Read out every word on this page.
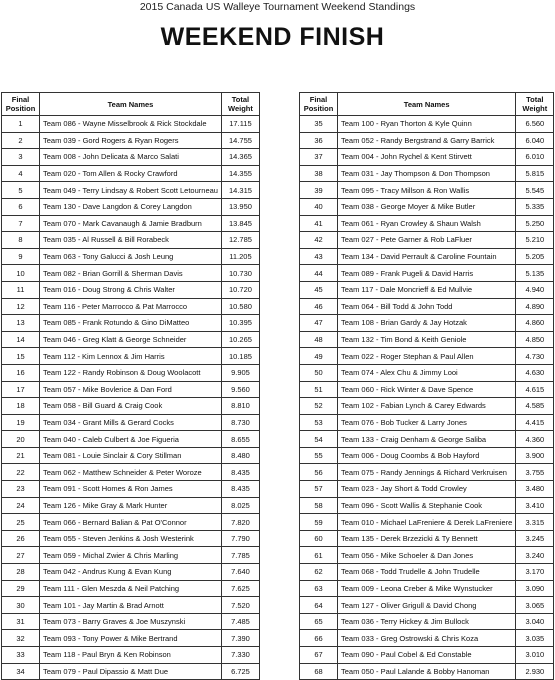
2015 Canada US Walleye Tournament Weekend Standings
WEEKEND FINISH
Final
Position	Team Names	Total
Weight
1	Team 086 - Wayne Misselbrook & Rick Stockdale	17.115
2	Team 039 - Gord Rogers & Ryan Rogers	14.755
3	Team 008 - John Delicata & Marco Salati	14.365
4	Team 020 - Tom Allen & Rocky Crawford	14.355
5	Team 049 - Terry Lindsay & Robert Scott Letourneau	14.315
6	Team 130 - Dave Langdon & Corey Langdon	13.950
7	Team 070 - Mark Cavanaugh & Jamie Bradburn	13.845
8	Team 035 - Al Russell & Bill Rorabeck	12.785
9	Team 063 - Tony Galucci & Josh Leung	11.205
10	Team 082 - Brian Gorrill & Sherman Davis	10.730
11	Team 016 - Doug Strong & Chris Walter	10.720
12	Team 116 - Peter Marrocco & Pat Marrocco	10.580
13	Team 085 - Frank Rotundo & Gino DiMatteo	10.395
14	Team 046 - Greg Klatt & George Schneider	10.265
15	Team 112 - Kim Lennox & Jim Harris	10.185
16	Team 122 - Randy Robinson & Doug Woolacott	9.905
17	Team 057 - Mike Bovlerice & Dan Ford	9.560
18	Team 058 - Bill Guard & Craig Cook	8.810
19	Team 034 - Grant Mills & Gerard Cocks	8.730
20	Team 040 - Caleb Culbert & Joe Figueria	8.655
21	Team 081 - Louie Sinclair & Cory Stillman	8.480
22	Team 062 - Matthew Schneider & Peter Woroze	8.435
23	Team 091 - Scott Homes & Ron James	8.435
24	Team 126 - Mike Gray & Mark Hunter	8.025
25	Team 066 - Bernard Balian & Pat O'Connor	7.820
26	Team 055 - Steven Jenkins & Josh Westerink	7.790
27	Team 059 - Michal Zwier & Chris Marling	7.785
28	Team 042 - Andrus Kung & Evan Kung	7.640
29	Team 111 - Glen Meszda & Neil Patching	7.625
30	Team 101 - Jay Martin & Brad Arnott	7.520
31	Team 073 - Barry Graves & Joe Muszynski	7.485
32	Team 093 - Tony Power & Mike Bertrand	7.390
33	Team 118 - Paul Bryn & Ken Robinson	7.330
34	Team 079 - Paul Dipassio & Matt Due	6.725
Final
Position	Team Names	Total
Weight
35	Team 100 - Ryan Thorton & Kyle Quinn	6.560
36	Team 052 - Randy Bergstrand & Garry Barrick	6.040
37	Team 004 - John Rychel & Kent Stirvett	6.010
38	Team 031 - Jay Thompson & Don Thompson	5.815
39	Team 095 - Tracy Millson & Ron Wallis	5.545
40	Team 038 - George Moyer & Mike Butler	5.335
41	Team 061 - Ryan Crowley & Shaun Walsh	5.250
42	Team 027 - Pete Garner & Rob LaFluer	5.210
43	Team 134 - David Perrault & Caroline Fountain	5.205
44	Team 089 - Frank Pugeli & David Harris	5.135
45	Team 117 - Dale Moncrieff & Ed Mullvie	4.940
46	Team 064 - Bill Todd & John Todd	4.890
47	Team 108 - Brian Gardy & Jay Hotzak	4.860
48	Team 132 - Tim Bond & Keith Geniole	4.850
49	Team 022 - Roger Stephan & Paul Allen	4.730
50	Team 074 - Alex Chu & Jimmy Looi	4.630
51	Team 060 - Rick Winter & Dave Spence	4.615
52	Team 102 - Fabian Lynch & Carey Edwards	4.585
53	Team 076 - Bob Tucker & Larry Jones	4.415
54	Team 133 - Craig Denham & George Saliba	4.360
55	Team 006 - Doug Coombs & Bob Hayford	3.900
56	Team 075 - Randy Jennings & Richard Verkruisen	3.755
57	Team 023 - Jay Short & Todd Crowley	3.480
58	Team 096 - Scott Wallis & Stephanie Cook	3.410
59	Team 010 - Michael LaFreniere & Derek LaFreniere	3.315
60	Team 135 - Derek Brzezicki & Ty Bennett	3.245
61	Team 056 - Mike Schoeler & Dan Jones	3.240
62	Team 068 - Todd Trudelle & John Trudelle	3.170
63	Team 009 - Leona Creber & Mike Wynstucker	3.090
64	Team 127 - Oliver Grigull & David Chong	3.065
65	Team 036 - Terry Hickey & Jim Bullock	3.040
66	Team 033 - Greg Ostrowski & Chris Koza	3.035
67	Team 090 - Paul Cobel & Ed Constable	3.010
68	Team 050 - Paul Lalande & Bobby Hanoman	2.930
